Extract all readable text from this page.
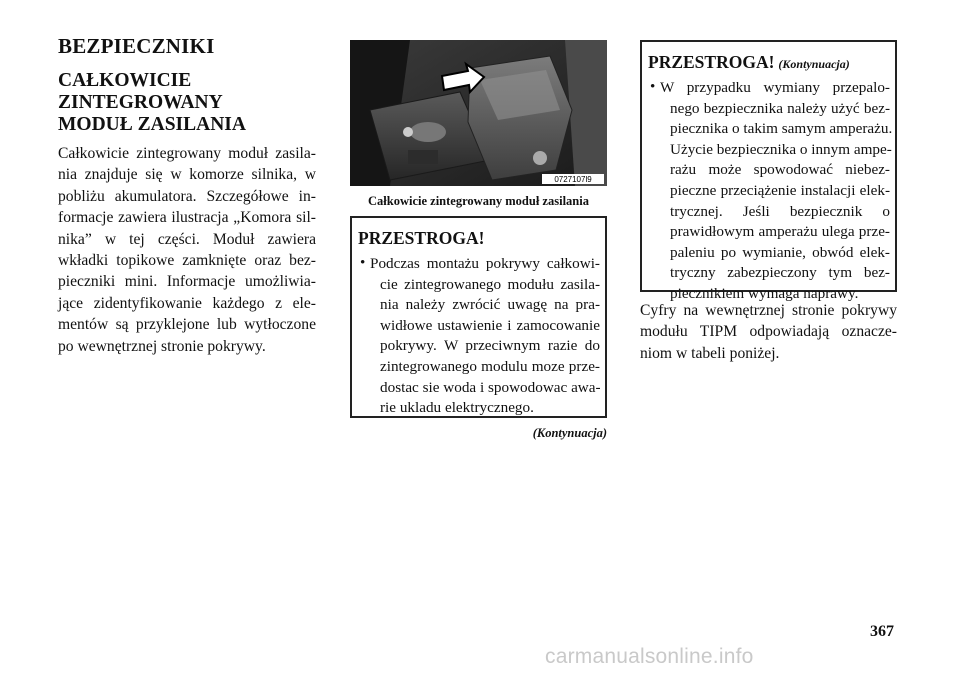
BEZPIECZNIKI
CAŁKOWICIE
ZINTEGROWANY
MODUŁ ZASILANIA
Całkowicie zintegrowany moduł zasila-
nia znajduje się w komorze silnika, w
pobliżu akumulatora. Szczegółowe in-
formacje zawiera ilustracja „Komora sil-
nika” w tej części. Moduł zawiera
wkładki topikowe zamknięte oraz bez-
pieczniki mini. Informacje umożliwia-
jące zidentyfikowanie każdego z ele-
mentów są przyklejone lub wytłoczone
po wewnętrznej stronie pokrywy.
0727107l9
Całkowicie zintegrowany moduł zasilania
PRZESTROGA!
• Podczas montażu pokrywy całkowi-
cie zintegrowanego modułu zasila-
nia należy zwrócić uwagę na pra-
widłowe ustawienie i zamocowanie
pokrywy. W przeciwnym razie do
zintegrowanego modulu moze prze-
dostac sie woda i spowodowac awa-
rie ukladu elektrycznego.
(Kontynuacja)
PRZESTROGA! (Kontynuacja)
• W przypadku wymiany przepalo-
nego bezpiecznika należy użyć bez-
piecznika o takim samym amperażu.
Użycie bezpiecznika o innym ampe-
rażu może spowodować niebez-
pieczne przeciążenie instalacji elek-
trycznej. Jeśli bezpiecznik o
prawidłowym amperażu ulega prze-
paleniu po wymianie, obwód elek-
tryczny zabezpieczony tym bez-
piecznikiem wymaga naprawy.
Cyfry na wewnętrznej stronie pokrywy
modułu TIPM odpowiadają oznacze-
niom w tabeli poniżej.
367
carmanualsonline.info
